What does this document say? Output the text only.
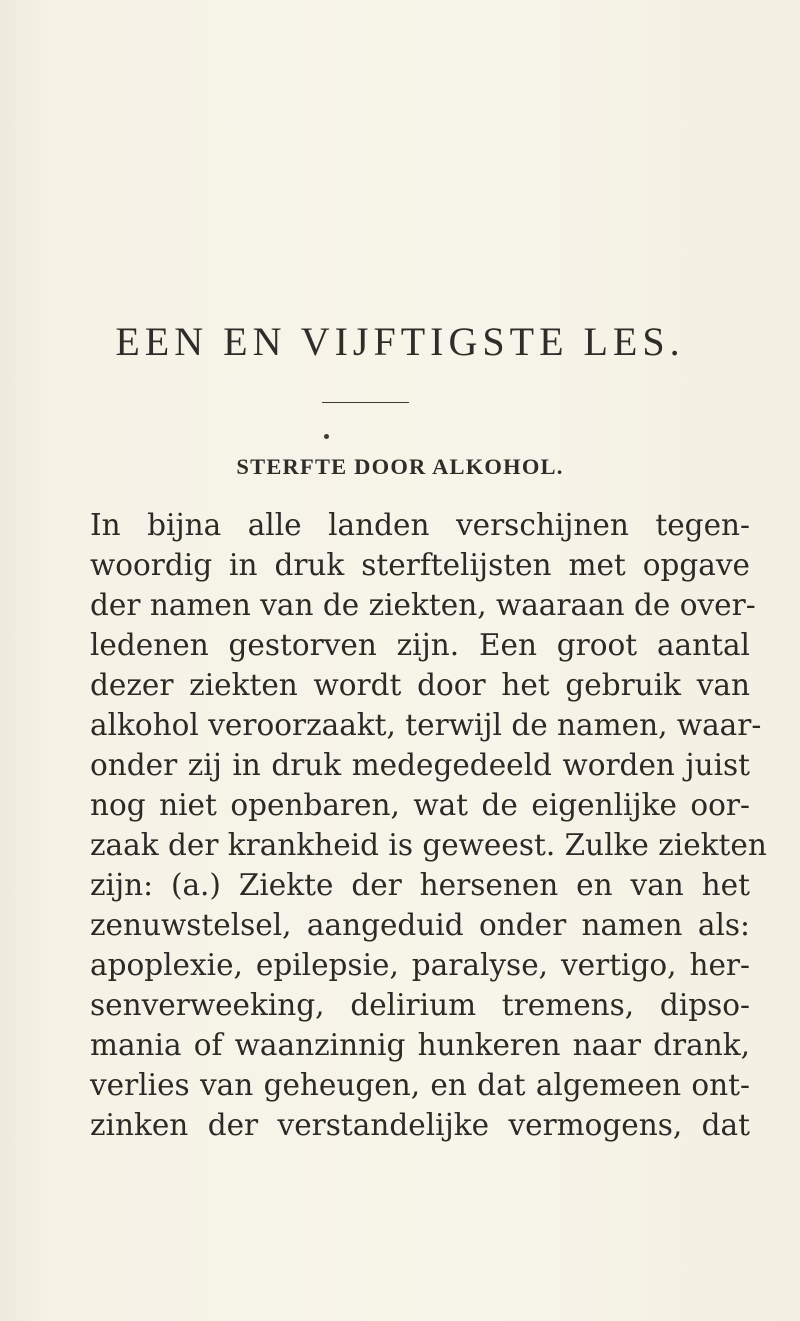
EEN EN VIJFTIGSTE LES.
STERFTE DOOR ALKOHOL.

In bijna alle landen verschijnen tegen-
woordig in druk sterftelijsten met opgave
der namen van de ziekten, waaraan de over-
ledenen gestorven zijn. Een groot aantal
dezer ziekten wordt door het gebruik van
alkohol veroorzaakt, terwijl de namen, waar-
onder zij in druk medegedeeld worden juist
nog niet openbaren, wat de eigenlijke oor-
zaak der krankheid is geweest. Zulke ziekten
zijn: (a.) Ziekte der hersenen en van het
zenuwstelsel, aangeduid onder namen als:
apoplexie, epilepsie, paralyse, vertigo, her-
senverweeking, delirium tremens, dipso-
mania of waanzinnig hunkeren naar drank,
verlies van geheugen, en dat algemeen ont-
zinken der verstandelijke vermogens, dat
